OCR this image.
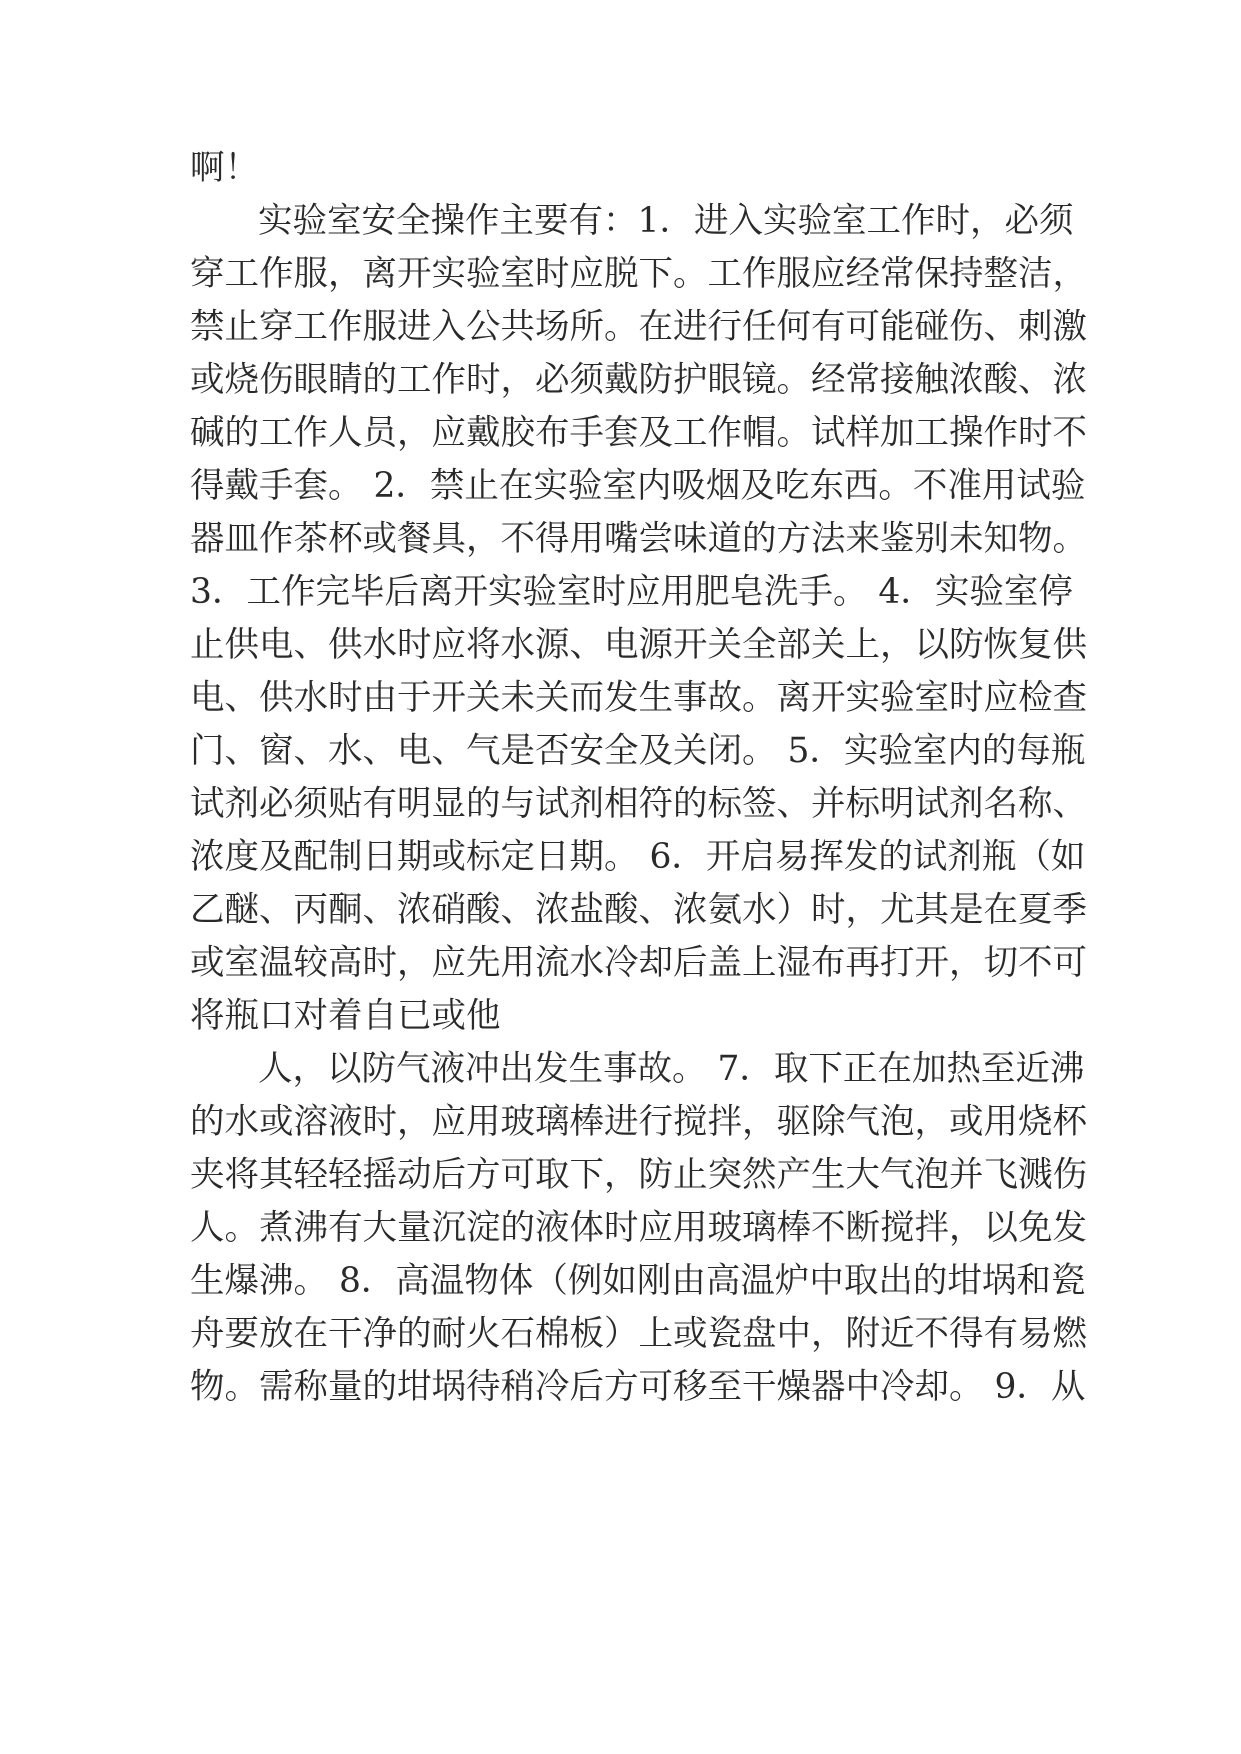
啊！
实验室安全操作主要有：1．进入实验室工作时，必须
穿工作服，离开实验室时应脱下。工作服应经常保持整洁，
禁止穿工作服进入公共场所。在进行任何有可能碰伤、刺激
或烧伤眼睛的工作时，必须戴防护眼镜。经常接触浓酸、浓
碱的工作人员，应戴胶布手套及工作帽。试样加工操作时不
得戴手套。 2．禁止在实验室内吸烟及吃东西。不准用试验
器皿作茶杯或餐具，不得用嘴尝味道的方法来鉴别未知物。
3．工作完毕后离开实验室时应用肥皂洗手。 4．实验室停
止供电、供水时应将水源、电源开关全部关上，以防恢复供
电、供水时由于开关未关而发生事故。离开实验室时应检查
门、窗、水、电、气是否安全及关闭。 5．实验室内的每瓶
试剂必须贴有明显的与试剂相符的标签、并标明试剂名称、
浓度及配制日期或标定日期。 6．开启易挥发的试剂瓶（如
乙醚、丙酮、浓硝酸、浓盐酸、浓氨水）时，尤其是在夏季
或室温较高时，应先用流水冷却后盖上湿布再打开，切不可
将瓶口对着自已或他
人，以防气液冲出发生事故。 7．取下正在加热至近沸
的水或溶液时，应用玻璃棒进行搅拌，驱除气泡，或用烧杯
夹将其轻轻摇动后方可取下，防止突然产生大气泡并飞溅伤
人。煮沸有大量沉淀的液体时应用玻璃棒不断搅拌，以免发
生爆沸。 8．高温物体（例如刚由高温炉中取出的坩埚和瓷
舟要放在干净的耐火石棉板）上或瓷盘中，附近不得有易燃
物。需称量的坩埚待稍冷后方可移至干燥器中冷却。 9．从
